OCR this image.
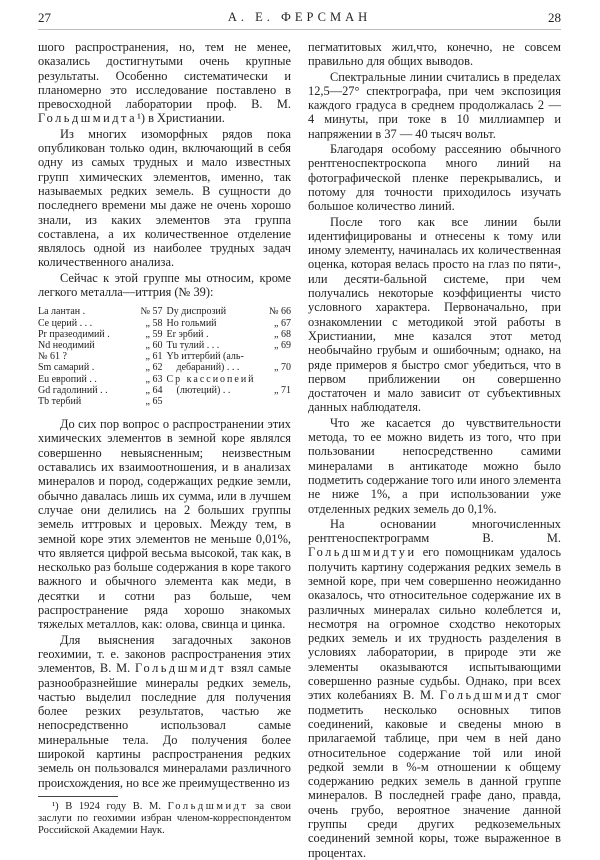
27	А. Е. ФЕРСМАН	28

шого распространения, но, тем не менее, оказались достигнутыми очень крупные результаты. Особенно систематически и планомерно это исследование поставлено в превосходной лаборатории проф. В. М. Гольдшмидта¹) в Христиании.

Из многих изоморфных рядов пока опубликован только один, включающий в себя одну из самых трудных и мало известных групп химических элементов, именно, так называемых редких земель. В сущности до последнего времени мы даже не очень хорошо знали, из каких элементов эта группа составлена, а их количественное отделение являлось одной из наиболее трудных задач количественного анализа.

Сейчас к этой группе мы относим, кроме легкого металла—иттрия (№ 39):

La лантан .	№ 57
Ce церий . . .	„ 58
Pr празеодимий .	„ 59
Nd неодимий	„ 60
№ 61 ?	„ 61
Sm самарий .	„ 62
Eu европий . .	„ 63
Gd гадолиний . .	„ 64
Tb тербий	„ 65
Dy диспрозий	№ 66
Ho гольмий	„ 67
Er эрбий .	„ 68
Tu тулий . . .	„ 69
Yb иттербий (аль-
дебараний) . . .	„ 70
Cp кассиопеий
(лютеций) . .	„ 71

До сих пор вопрос о распространении этих химических элементов в земной коре являлся совершенно невыясненным; неизвестным оставались их взаимоотношения, и в анализах минералов и пород, содержащих редкие земли, обычно давалась лишь их сумма, или в лучшем случае они делились на 2 больших группы земель иттровых и церовых. Между тем, в земной коре этих элементов не меньше 0,01%, что является цифрой весьма высокой, так как, в несколько раз больше содержания в коре такого важного и обычного элемента как меди, в десятки и сотни раз больше, чем распространение ряда хорошо знакомых тяжелых металлов, как: олова, свинца и цинка.

Для выяснения загадочных законов геохимии, т. е. законов распространения этих элементов, В. М. Гольдшмидт взял самые разнообразнейшие минералы редких земель, частью выделил последние для получения более резких результатов, частью же непосредственно использовал самые минеральные тела. До получения более широкой картины распространения редких земель он пользовался минералами различного происхождения, но все же преимущественно из

¹) В 1924 году В. М. Гольдшмидт за свои заслуги по геохимии избран членом-корреспондентом Российской Академии Наук.

пегматитовых жил,что, конечно, не совсем правильно для общих выводов.

Спектральные линии считались в пределах 12,5—27° спектрографа, при чем экспозиция каждого градуса в среднем продолжалась 2 — 4 минуты, при токе в 10 миллиампер и напряжении в 37 — 40 тысяч вольт.

Благодаря особому рассеянию обычного рентгеноспектроскопа много линий на фотографической пленке перекрывались, и потому для точности приходилось изучать большое количество линий.

После того как все линии были идентифицированы и отнесены к тому или иному элементу, начиналась их количественная оценка, которая велась просто на глаз по пяти-, или десяти-бальной системе, при чем получались некоторые коэффициенты чисто условного характера. Первоначально, при ознакомлении с методикой этой работы в Христиании, мне казался этот метод необычайно грубым и ошибочным; однако, на ряде примеров я быстро смог убедиться, что в первом приближении он совершенно достаточен и мало зависит от субъективных данных наблюдателя.

Что же касается до чувствительности метода, то ее можно видеть из того, что при пользовании непосредственно самими минералами в антикатоде можно было подметить содержание того или иного элемента не ниже 1%, а при использовании уже отделенных редких земель до 0,1%.

На основании многочисленных рентгеноспектрограмм В. М. Гольдшмидтуи его помощникам удалось получить картину содержания редких земель в земной коре, при чем совершенно неожиданно оказалось, что относительное содержание их в различных минералах сильно колеблется и, несмотря на огромное сходство некоторых редких земель и их трудность разделения в условиях лаборатории, в природе эти же элементы оказываются испытывающими совершенно разные судьбы. Однако, при всех этих колебаниях В. М. Гольдшмидт смог подметить несколько основных типов соединений, каковые и сведены мною в прилагаемой таблице, при чем в ней дано относительное содержание той или иной редкой земли в %-м отношении к общему содержанию редких земель в данной группе минералов. В последней графе дано, правда, очень грубо, вероятное значение данной группы среди других редкоземельных соединений земной коры, тоже выраженное в процентах.
